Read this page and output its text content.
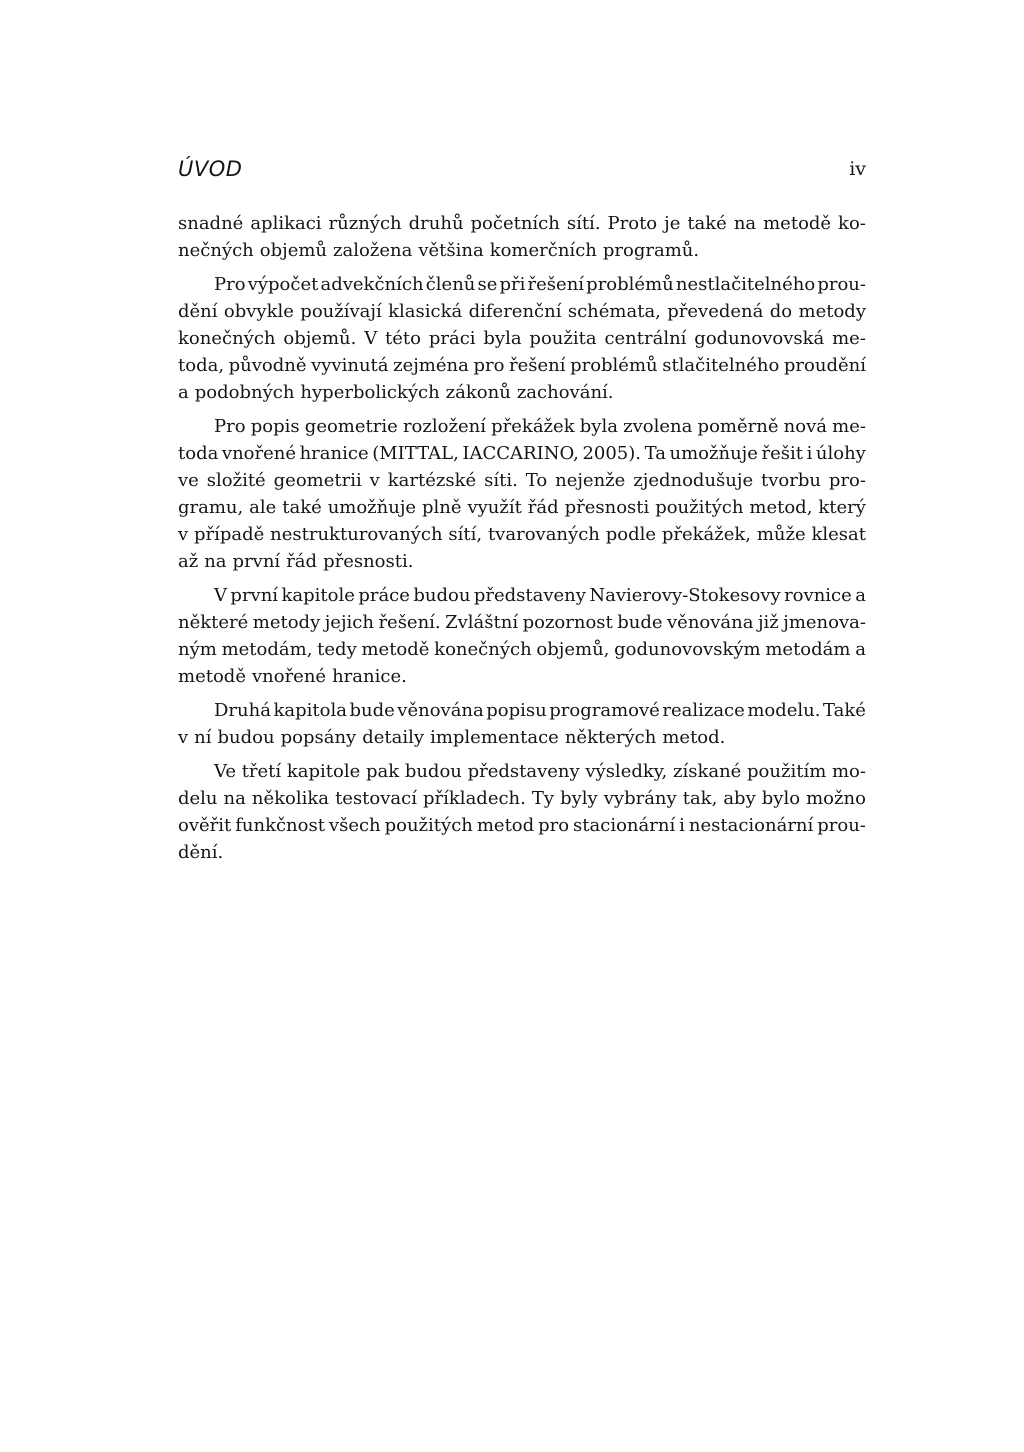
ÚVOD	iv
snadné aplikaci různých druhů početních sítí. Proto je také na metodě ko-
nečných objemů založena většina komerčních programů.
Pro výpočet advekčních členů se při řešení problémů nestlačitelného prou-
dění obvykle používají klasická diferenční schémata, převedená do metody
konečných objemů. V této práci byla použita centrální godunovovská me-
toda, původně vyvinutá zejména pro řešení problémů stlačitelného proudění
a podobných hyperbolických zákonů zachování.
Pro popis geometrie rozložení překážek byla zvolena poměrně nová me-
toda vnořené hranice (MITTAL, IACCARINO, 2005). Ta umožňuje řešit i úlohy
ve složité geometrii v kartézské síti. To nejenže zjednodušuje tvorbu pro-
gramu, ale také umožňuje plně využít řád přesnosti použitých metod, který
v případě nestrukturovaných sítí, tvarovaných podle překážek, může klesat
až na první řád přesnosti.
V první kapitole práce budou představeny Navierovy-Stokesovy rovnice a
některé metody jejich řešení. Zvláštní pozornost bude věnována již jmenova-
ným metodám, tedy metodě konečných objemů, godunovovským metodám a
metodě vnořené hranice.
Druhá kapitola bude věnována popisu programové realizace modelu. Také
v ní budou popsány detaily implementace některých metod.
Ve třetí kapitole pak budou představeny výsledky, získané použitím mo-
delu na několika testovací příkladech. Ty byly vybrány tak, aby bylo možno
ověřit funkčnost všech použitých metod pro stacionární i nestacionární prou-
dění.
